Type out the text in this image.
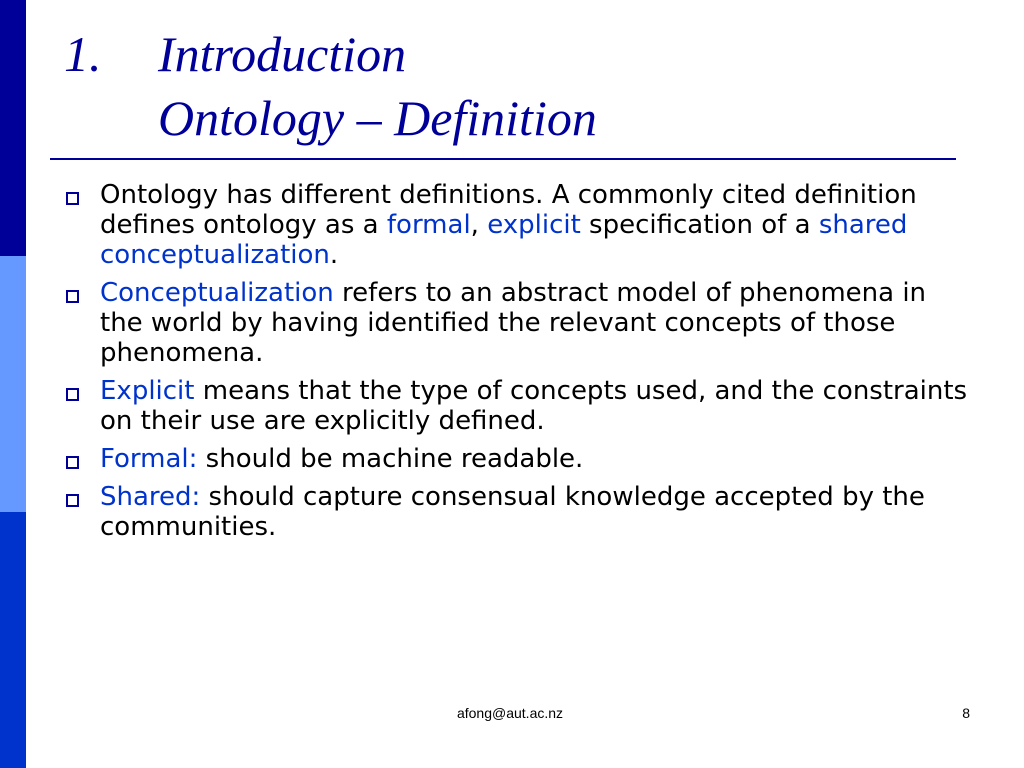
1. Introduction
Ontology – Definition
Ontology has different definitions. A commonly cited definition defines ontology as a formal, explicit specification of a shared conceptualization.
Conceptualization refers to an abstract model of phenomena in the world by having identified the relevant concepts of those phenomena.
Explicit means that the type of concepts used, and the constraints on their use are explicitly defined.
Formal: should be machine readable.
Shared: should capture consensual knowledge accepted by the communities.
afong@aut.ac.nz	8
